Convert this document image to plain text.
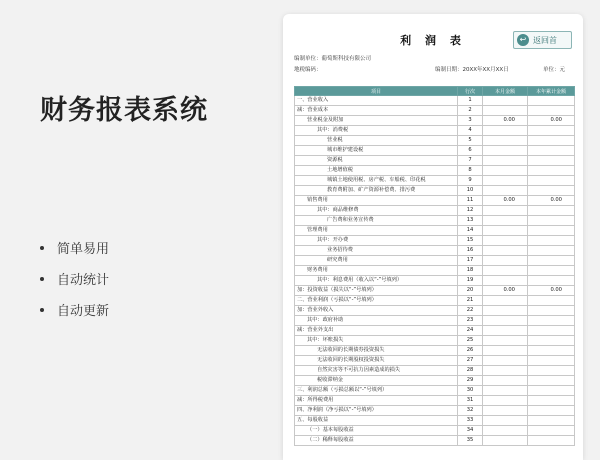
财务报表系统
简单易用
自动统计
自动更新
利 润 表	↩ 返回首
编制单位：葡萄斯科技有限公司
地税编码：	编制日期：20XX年XX月XX日	单位：元
项目	行次	本月金额	本年累计金额
一、营业收入	1		
减：营业成本	2		
营业税金及附加	3	0.00	0.00
其中：消费税	4		
营业税	5		
城市维护建设税	6		
资源税	7		
土地增值税	8		
城镇土地使用税、房产税、车船税、印花税	9		
教育费附加、矿产资源补偿费、排污费	10		
销售费用	11	0.00	0.00
其中：商品维修费	12		
广告费和业务宣传费	13		
管理费用	14		
其中：开办费	15		
业务招待费	16		
研究费用	17		
财务费用	18		
其中：利息费用（收入以“-”号填列）	19		
加：投资收益（损失以“-”号填列）	20	0.00	0.00
二、营业利润（亏损以“-”号填列）	21		
加：营业外收入	22		
其中：政府补助	23		
减：营业外支出	24		
其中：坏账损失	25		
无法收回的长期债券投资损失	26		
无法收回的长期股权投资损失	27		
自然灾害等不可抗力因素造成的损失	28		
税收滞纳金	29		
三、利润总额（亏损总额以“-”号填列）	30		
减：所得税费用	31		
四、净利润（净亏损以“-”号填列）	32		
五、每股收益	33		
（一）基本每股收益	34		
（二）稀释每股收益	35		
